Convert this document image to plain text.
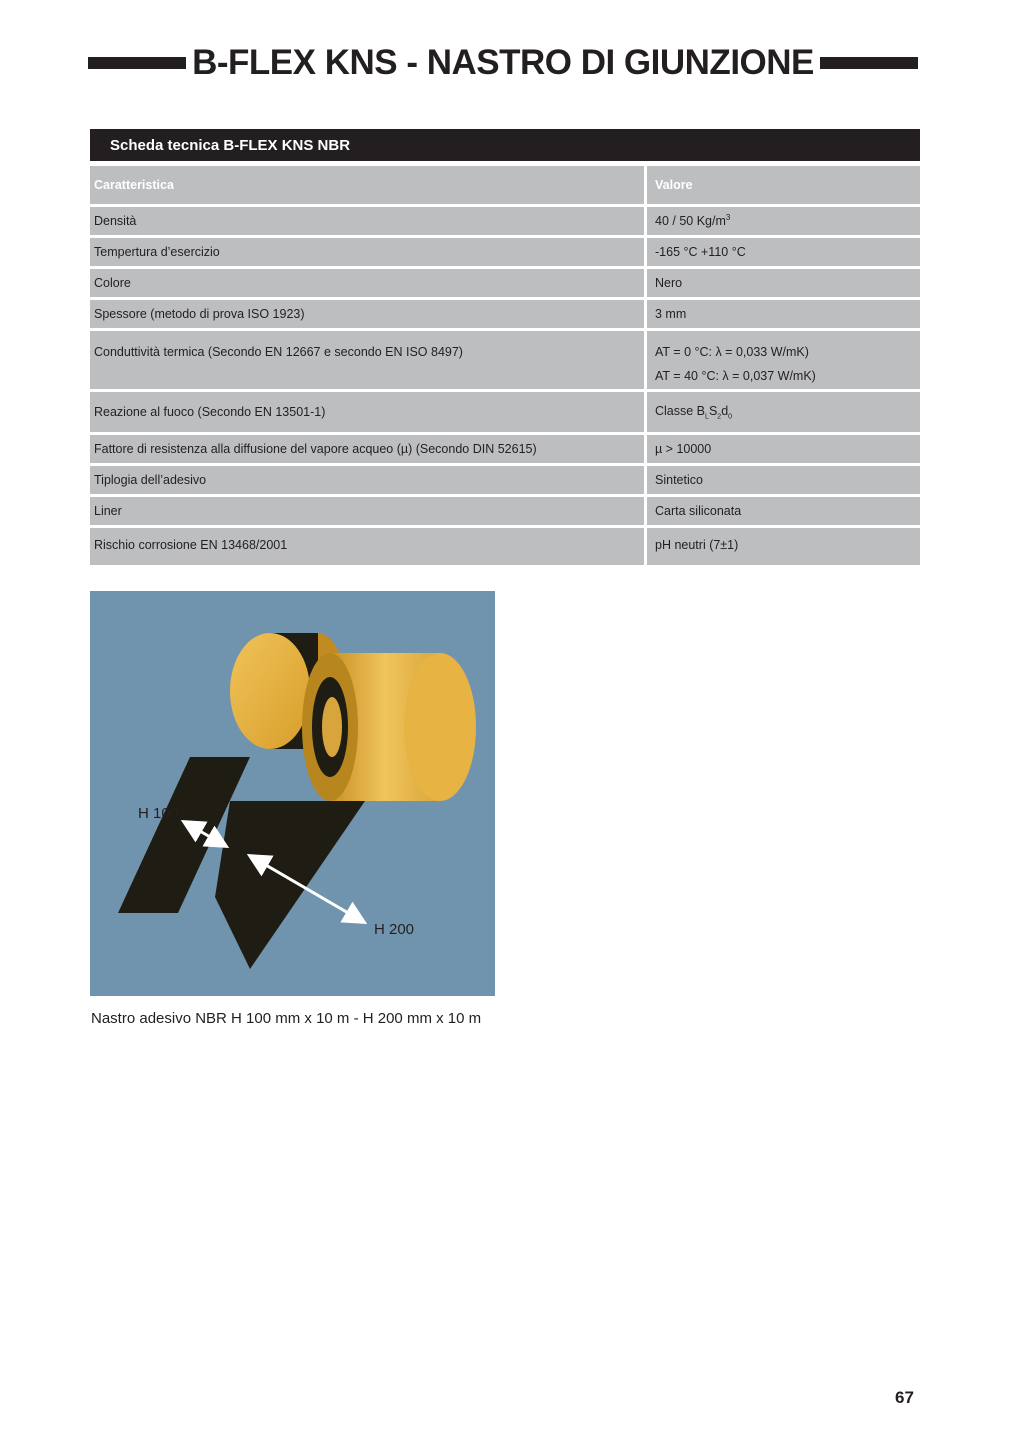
B-FLEX KNS - NASTRO DI GIUNZIONE
Scheda tecnica B-FLEX KNS NBR
Caratteristica	Valore
Densità	40 / 50 $Kg/m^3$
Tempertura d’esercizio	-165 °C +110 °C
Colore	Nero
Spessore (metodo di prova ISO 1923)	3 mm
Conduttività termica (Secondo EN 12667 e secondo EN ISO 8497)	AT = 0 °C: λ = 0,033 W/mK)
AT = 40 °C: λ = 0,037 W/mK)

Reazione al fuoco (Secondo EN 13501-1)	Classe $B_LS_2d_0$
Fattore di resistenza alla diffusione del vapore acqueo (µ) (Secondo DIN 52615)	µ > 10000
Tiplogia dell’adesivo	Sintetico
Liner	Carta siliconata
Rischio corrosione EN 13468/2001	pH neutri (7±1)
H 100
H 200
Nastro adesivo NBR H 100 mm x 10 m - H 200 mm x 10 m
67
